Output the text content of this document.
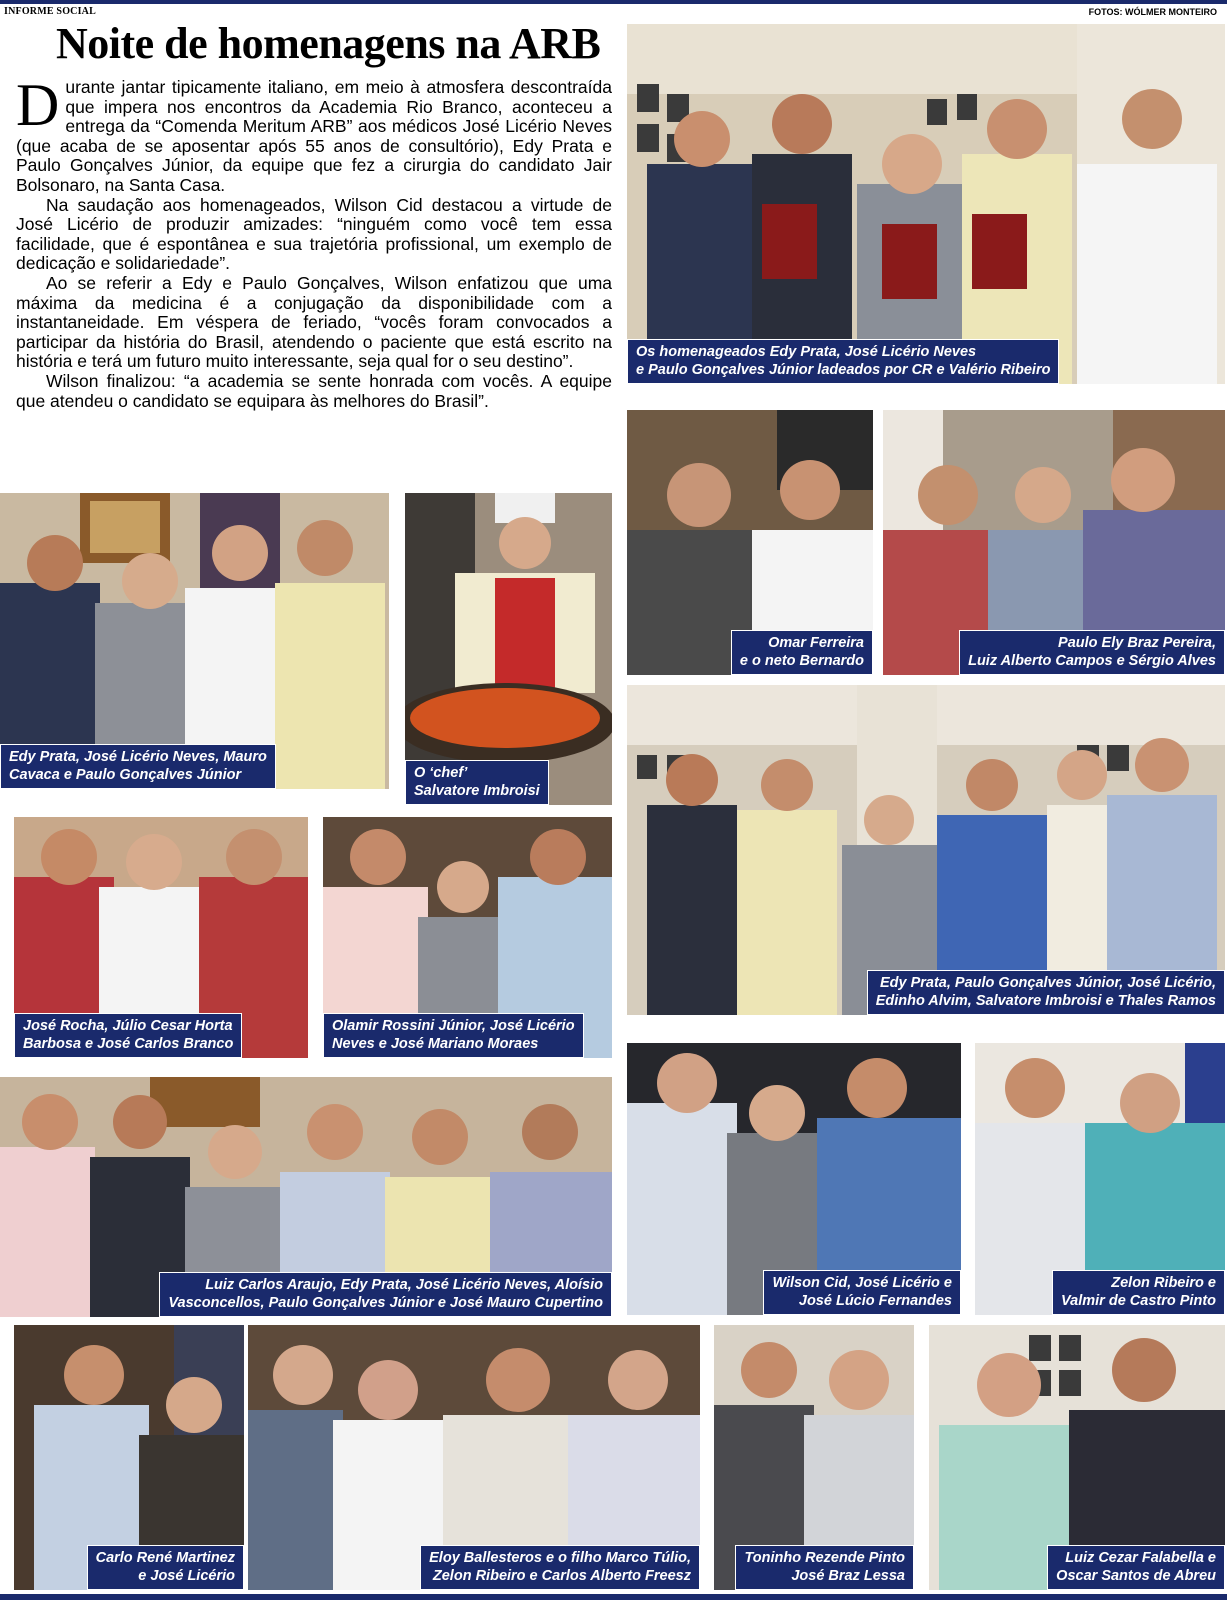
INFORME SOCIAL	FOTOS: WÓLMER MONTEIRO
Noite de homenagens na ARB

Durante jantar tipicamente italiano, em meio à atmosfera descontraída que impera nos encontros da Academia Rio Branco, aconteceu a entrega da “Comenda Meritum ARB” aos médicos José Licério Neves (que acaba de se aposentar após 55 anos de consultório), Edy Prata e Paulo Gonçalves Júnior, da equipe que fez a cirurgia do candidato Jair Bolsonaro, na Santa Casa.

Na saudação aos homenageados, Wilson Cid destacou a virtude de José Licério de produzir amizades: “ninguém como você tem essa facilidade, que é espontânea e sua trajetória profissional, um exemplo de dedicação e solidariedade”.

Ao se referir a Edy e Paulo Gonçalves, Wilson enfatizou que uma máxima da medicina é a conjugação da disponibilidade com a instantaneidade. Em véspera de feriado, “vocês foram convocados a participar da história do Brasil, atendendo o paciente que está escrito na história e terá um futuro muito interessante, seja qual for o seu destino”.

Wilson finalizou: “a academia se sente honrada com vocês. A equipe que atendeu o candidato se equipara às melhores do Brasil”.

Os homenageados Edy Prata, José Licério Neves
e Paulo Gonçalves Júnior ladeados por CR e Valério Ribeiro
Edy Prata, José Licério Neves, Mauro
Cavaca e Paulo Gonçalves Júnior	O ‘chef’
Salvatore Imbroisi
Omar Ferreira
e o neto Bernardo
Paulo Ely Braz Pereira,
Luiz Alberto Campos e Sérgio Alves
José Rocha, Júlio Cesar Horta
Barbosa e José Carlos Branco
Olamir Rossini Júnior, José Licério
Neves e José Mariano Moraes
Edy Prata, Paulo Gonçalves Júnior, José Licério,
Edinho Alvim, Salvatore Imbroisi e Thales Ramos
Luiz Carlos Araujo, Edy Prata, José Licério Neves, Aloísio
Vasconcellos, Paulo Gonçalves Júnior e José Mauro Cupertino
Wilson Cid, José Licério e
José Lúcio Fernandes
Zelon Ribeiro e
Valmir de Castro Pinto
Carlo René Martinez
e José Licério
Eloy Ballesteros e o filho Marco Túlio,
Zelon Ribeiro e Carlos Alberto Freesz
Toninho Rezende Pinto
José Braz Lessa
Luiz Cezar Falabella e
Oscar Santos de Abreu
